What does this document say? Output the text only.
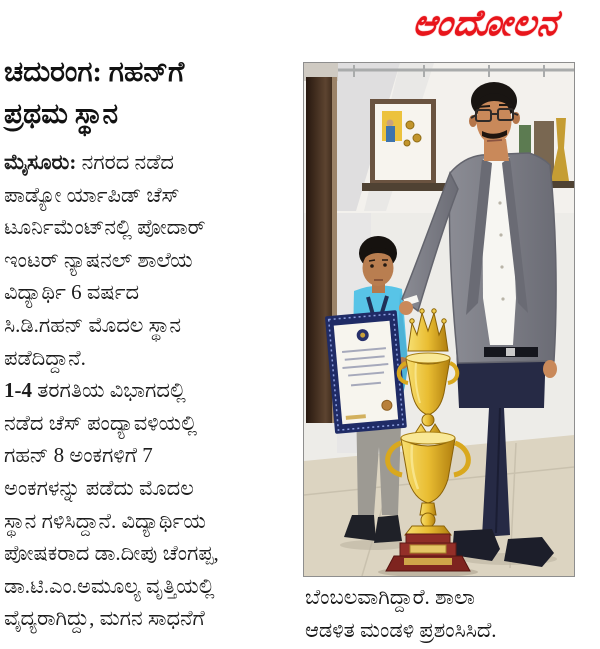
ಆಂದೋಲನ
ಚದುರಂಗ: ಗಹನ್‌ಗೆ
ಪ್ರಥಮ ಸ್ಥಾನ
ಮೈಸೂರು: ನಗರದ ನಡೆದ
ಪಾಡ್ಯೋ ರ್ಯಾಪಿಡ್ ಚೆಸ್
ಟೂರ್ನಿಮೆಂಟ್‌ನಲ್ಲಿ ಪೋದಾರ್
ಇಂಟರ್ ನ್ಯಾಷನಲ್ ಶಾಲೆಯ
ವಿದ್ಯಾರ್ಥಿ 6 ವರ್ಷದ
ಸಿ.ಡಿ.ಗಹನ್ ಮೊದಲ ಸ್ಥಾನ
ಪಡೆದಿದ್ದಾನೆ.
1-4 ತರಗತಿಯ ವಿಭಾಗದಲ್ಲಿ
ನಡೆದ ಚೆಸ್ ಪಂದ್ಯಾವಳಿಯಲ್ಲಿ
ಗಹನ್ 8 ಅಂಕಗಳಿಗೆ 7
ಅಂಕಗಳನ್ನು ಪಡೆದು ಮೊದಲ
ಸ್ಥಾನ ಗಳಿಸಿದ್ದಾನೆ. ವಿದ್ಯಾರ್ಥಿಯ
ಪೋಷಕರಾದ ಡಾ.ದೀಪು ಚೆಂಗಪ್ಪ,
ಡಾ.ಟಿ.ಎಂ.ಅಮೂಲ್ಯ ವೃತ್ತಿಯಲ್ಲಿ
ವೈದ್ಯರಾಗಿದ್ದು, ಮಗನ ಸಾಧನೆಗೆ
ಬೆಂಬಲವಾಗಿದ್ದಾರೆ. ಶಾಲಾ
ಆಡಳಿತ ಮಂಡಳಿ ಪ್ರಶಂಸಿಸಿದೆ.
